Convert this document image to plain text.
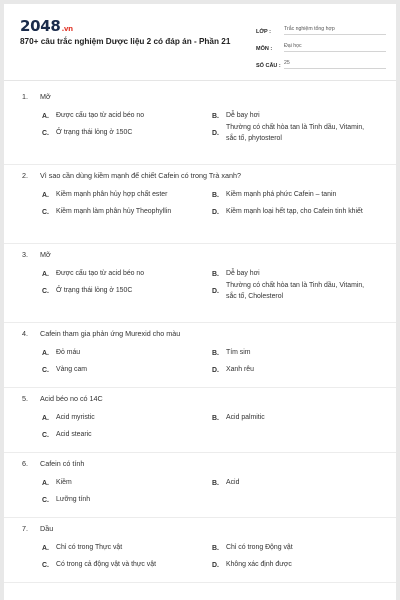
2048.vn
870+ câu trắc nghiệm Dược liệu 2 có đáp án - Phần 21
LỚP :	Trắc nghiệm tổng hợp
MÔN :	Đại học
SỐ CÂU : 25
1.	Mỡ
A.	Được cấu tạo từ acid béo no	B.	Dễ bay hơi
C.	Ở trạng thái lỏng ở 150C	D.
Thường có chất hòa tan là Tinh dầu, Vitamin, sắc tố, phytosterol
2.	Vì sao cần dùng kiềm mạnh để chiết Cafein có trong Trà xanh?
A.	Kiềm mạnh phân hủy hợp chất ester	B.	Kiềm mạnh phá phức Cafein – tanin
C.	Kiềm mạnh làm phân hủy Theophyllin	D.	Kiềm mạnh loại hết tạp, cho Cafein tinh khiết
3.	Mỡ
A.	Được cấu tạo từ acid béo no	B.	Dễ bay hơi
C.	Ở trạng thái lỏng ở 150C	D.
Thường có chất hòa tan là Tinh dầu, Vitamin, sắc tố, Cholesterol
4.	Cafein tham gia phản ứng Murexid cho màu
A.	Đỏ máu	B.	Tím sim
C.	Vàng cam	D.	Xanh rêu
5.	Acid béo no có 14C
A.	Acid myristic	B.	Acid palmitic
C.	Acid stearic
6.	Cafein có tính
A.	Kiềm	B.	Acid
C.	Lưỡng tính
7.	Dầu
A.	Chỉ có trong Thực vật	B.	Chỉ có trong Động vật
C.	Có trong cả động vật và thực vật	D.	Không xác định được
